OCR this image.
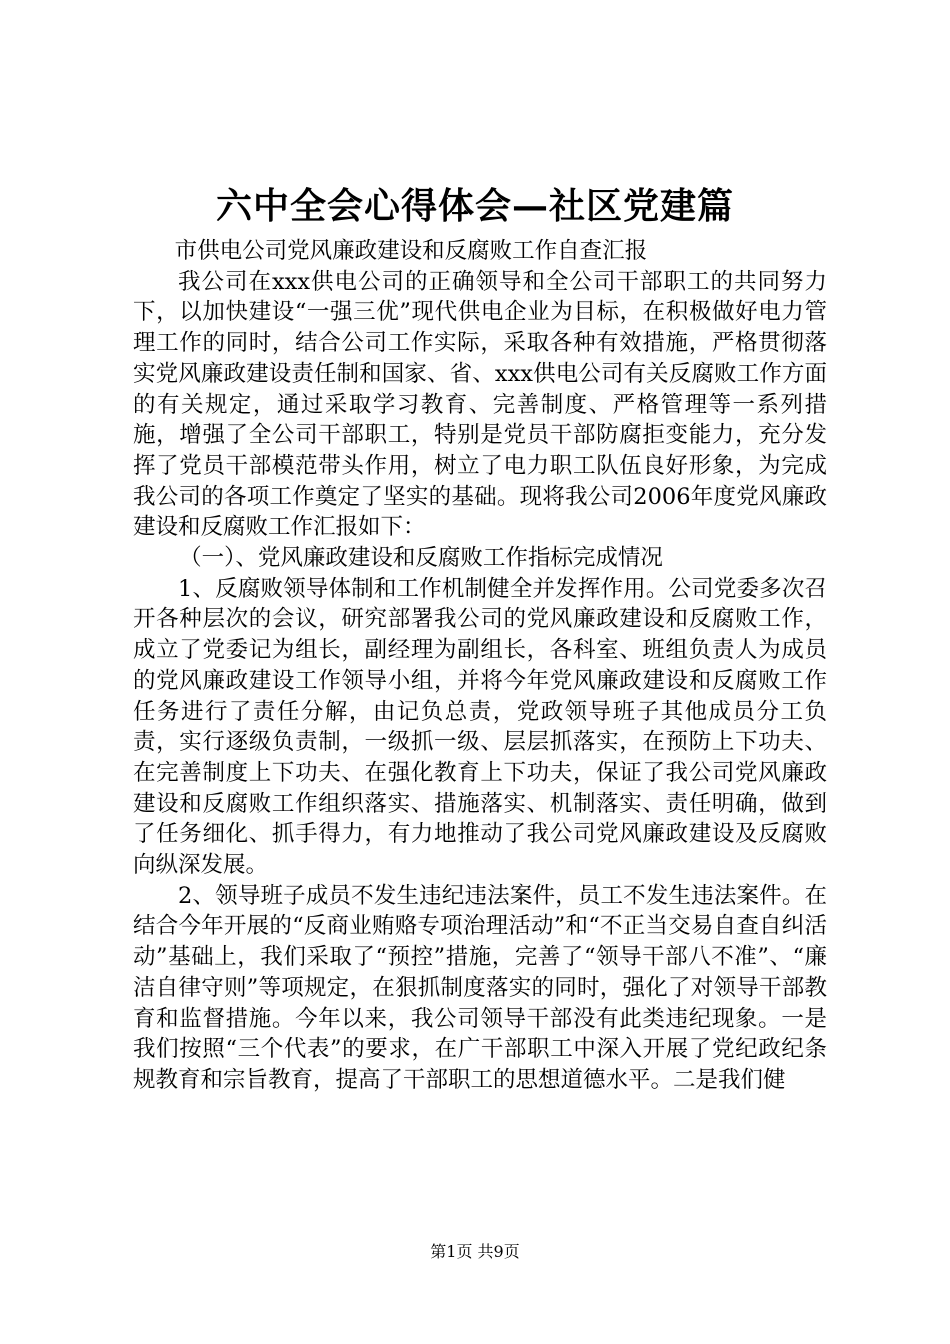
六中全会心得体会—社区党建篇

市供电公司党风廉政建设和反腐败工作自查汇报

我公司在xxx供电公司的正确领导和全公司干部职工的共同努力下，以加快建设“一强三优”现代供电企业为目标，在积极做好电力管理工作的同时，结合公司工作实际，采取各种有效措施，严格贯彻落实党风廉政建设责任制和国家、省、xxx供电公司有关反腐败工作方面的有关规定，通过采取学习教育、完善制度、严格管理等一系列措施，增强了全公司干部职工，特别是党员干部防腐拒变能力，充分发挥了党员干部模范带头作用，树立了电力职工队伍良好形象，为完成我公司的各项工作奠定了坚实的基础。现将我公司2006年度党风廉政建设和反腐败工作汇报如下：

（一）、党风廉政建设和反腐败工作指标完成情况

1、反腐败领导体制和工作机制健全并发挥作用。公司党委多次召开各种层次的会议，研究部署我公司的党风廉政建设和反腐败工作，成立了党委记为组长，副经理为副组长，各科室、班组负责人为成员的党风廉政建设工作领导小组，并将今年党风廉政建设和反腐败工作任务进行了责任分解，由记负总责，党政领导班子其他成员分工负责，实行逐级负责制，一级抓一级、层层抓落实，在预防上下功夫、在完善制度上下功夫、在强化教育上下功夫，保证了我公司党风廉政建设和反腐败工作组织落实、措施落实、机制落实、责任明确，做到了任务细化、抓手得力，有力地推动了我公司党风廉政建设及反腐败向纵深发展。

2、领导班子成员不发生违纪违法案件，员工不发生违法案件。在结合今年开展的“反商业贿赂专项治理活动”和“不正当交易自查自纠活动”基础上，我们采取了“预控”措施，完善了“领导干部八不准”、“廉洁自律守则”等项规定，在狠抓制度落实的同时，强化了对领导干部教育和监督措施。今年以来，我公司领导干部没有此类违纪现象。一是我们按照“三个代表”的要求，在广干部职工中深入开展了党纪政纪条规教育和宗旨教育，提高了干部职工的思想道德水平。二是我们健

第1页 共9页
